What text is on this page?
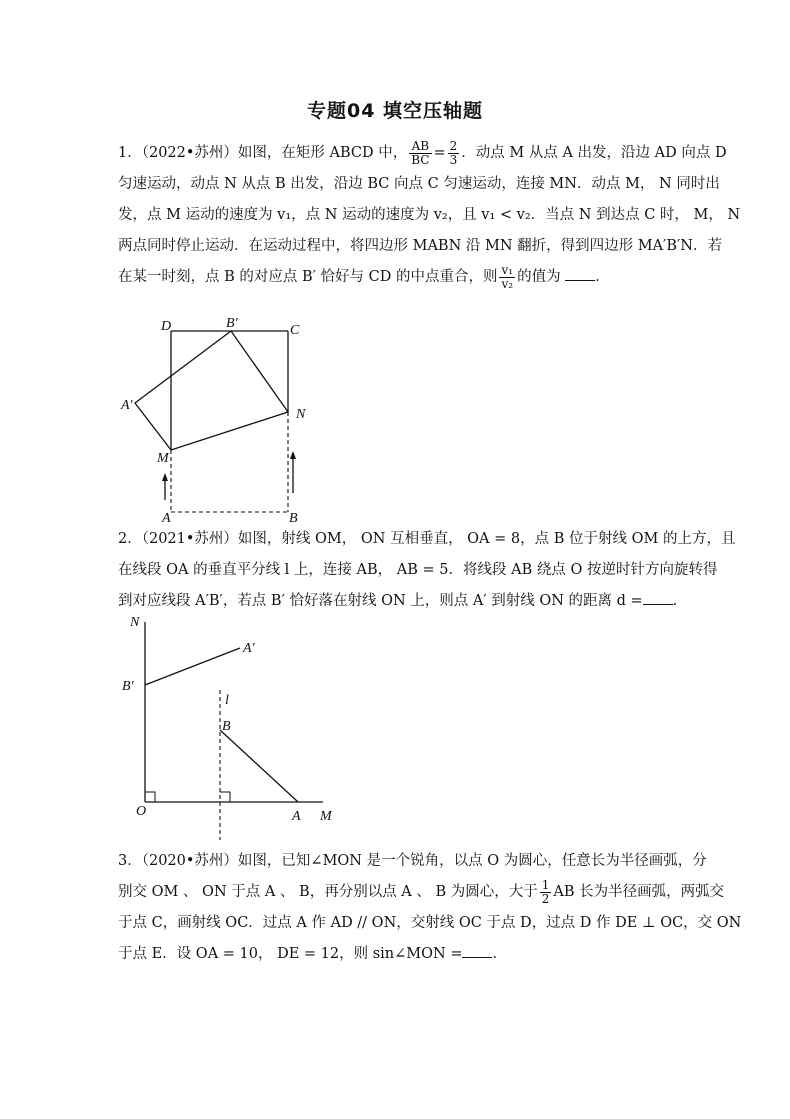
专题04 填空压轴题
1．（2022•苏州）如图，在矩形 ABCD 中， $\frac{AB}{BC} = \frac{2}{3}$ ．动点 M 从点 A 出发，沿边 AD 向点 D
匀速运动，动点 N 从点 B 出发，沿边 BC 向点 C 匀速运动，连接 MN．动点 M， N 同时出
发，点 M 运动的速度为 v₁，点 N 运动的速度为 v₂，且 v₁ < v₂．当点 N 到达点 C 时， M， N
两点同时停止运动．在运动过程中，将四边形 MABN 沿 MN 翻折，得到四边形 MA′B′N．若
在某一时刻，点 B 的对应点 B′ 恰好与 CD 的中点重合，则 $\frac{\text{v₁}}{\text{v₂}}$ 的值为 ．
D	B′	C
A′
N
M
A	B
2．（2021•苏州）如图，射线 OM， ON 互相垂直， OA = 8，点 B 位于射线 OM 的上方，且
在线段 OA 的垂直平分线 l 上，连接 AB， AB = 5．将线段 AB 绕点 O 按逆时针方向旋转得
到对应线段 A′B′，若点 B′ 恰好落在射线 ON 上，则点 A′ 到射线 ON 的距离 d = ．
N
A′
B′
l
B
O	A M
3．（2020•苏州）如图，已知∠MON 是一个锐角，以点 O 为圆心，任意长为半径画弧，分
别交 OM 、 ON 于点 A 、 B，再分别以点 A 、 B 为圆心，大于 $\frac{1}{2}$ AB 长为半径画弧，两弧交
于点 C，画射线 OC．过点 A 作 AD // ON，交射线 OC 于点 D，过点 D 作 DE ⊥ OC，交 ON
于点 E．设 OA = 10， DE = 12，则 sin∠MON = ．
